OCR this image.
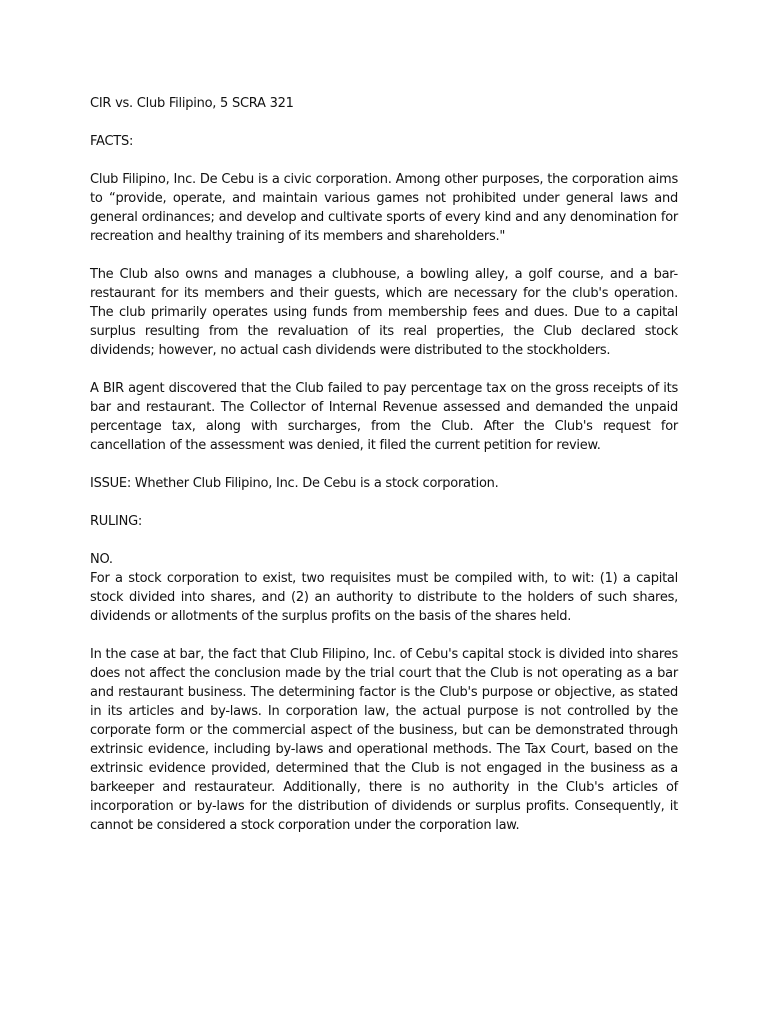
CIR vs. Club Filipino, 5 SCRA 321

FACTS:

Club Filipino, Inc. De Cebu is a civic corporation. Among other purposes, the corporation aims to “provide, operate, and maintain various games not prohibited under general laws and general ordinances; and develop and cultivate sports of every kind and any denomination for recreation and healthy training of its members and shareholders."

The Club also owns and manages a clubhouse, a bowling alley, a golf course, and a bar-restaurant for its members and their guests, which are necessary for the club's operation. The club primarily operates using funds from membership fees and dues. Due to a capital surplus resulting from the revaluation of its real properties, the Club declared stock dividends; however, no actual cash dividends were distributed to the stockholders.

A BIR agent discovered that the Club failed to pay percentage tax on the gross receipts of its bar and restaurant. The Collector of Internal Revenue assessed and demanded the unpaid percentage tax, along with surcharges, from the Club. After the Club's request for cancellation of the assessment was denied, it filed the current petition for review.

ISSUE: Whether Club Filipino, Inc. De Cebu is a stock corporation.

RULING:

NO.

For a stock corporation to exist, two requisites must be compiled with, to wit: (1) a capital stock divided into shares, and (2) an authority to distribute to the holders of such shares, dividends or allotments of the surplus profits on the basis of the shares held.

In the case at bar, the fact that Club Filipino, Inc. of Cebu's capital stock is divided into shares does not affect the conclusion made by the trial court that the Club is not operating as a bar and restaurant business. The determining factor is the Club's purpose or objective, as stated in its articles and by-laws. In corporation law, the actual purpose is not controlled by the corporate form or the commercial aspect of the business, but can be demonstrated through extrinsic evidence, including by-laws and operational methods. The Tax Court, based on the extrinsic evidence provided, determined that the Club is not engaged in the business as a barkeeper and restaurateur. Additionally, there is no authority in the Club's articles of incorporation or by-laws for the distribution of dividends or surplus profits. Consequently, it cannot be considered a stock corporation under the corporation law.
